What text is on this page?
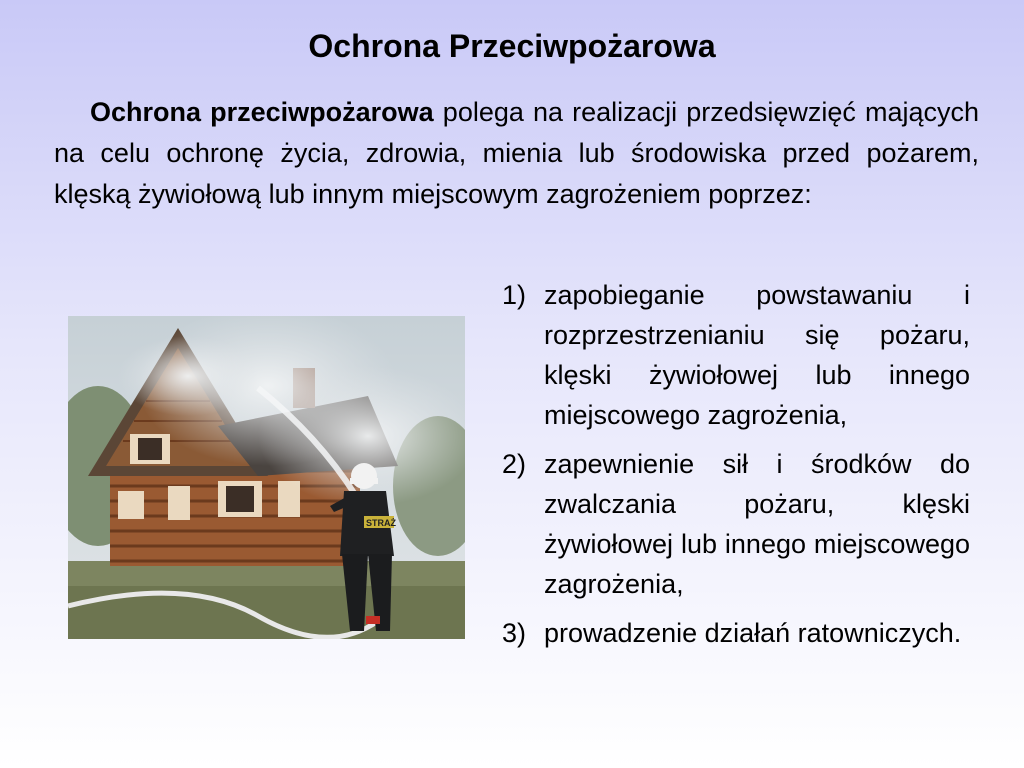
Ochrona Przeciwpożarowa

Ochrona przeciwpożarowa polega na realizacji przedsięwzięć mających na celu ochronę życia, zdrowia, mienia lub środowiska przed pożarem, klęską żywiołową lub innym miejscowym zagrożeniem poprzez:

STRAŻ
1) zapobieganie powstawaniu i rozprzestrzenianiu się pożaru, klęski żywiołowej lub innego miejscowego zagrożenia,
2) zapewnienie sił i środków do zwalczania pożaru, klęski żywiołowej lub innego miejscowego zagrożenia,
3) prowadzenie działań ratowniczych.
